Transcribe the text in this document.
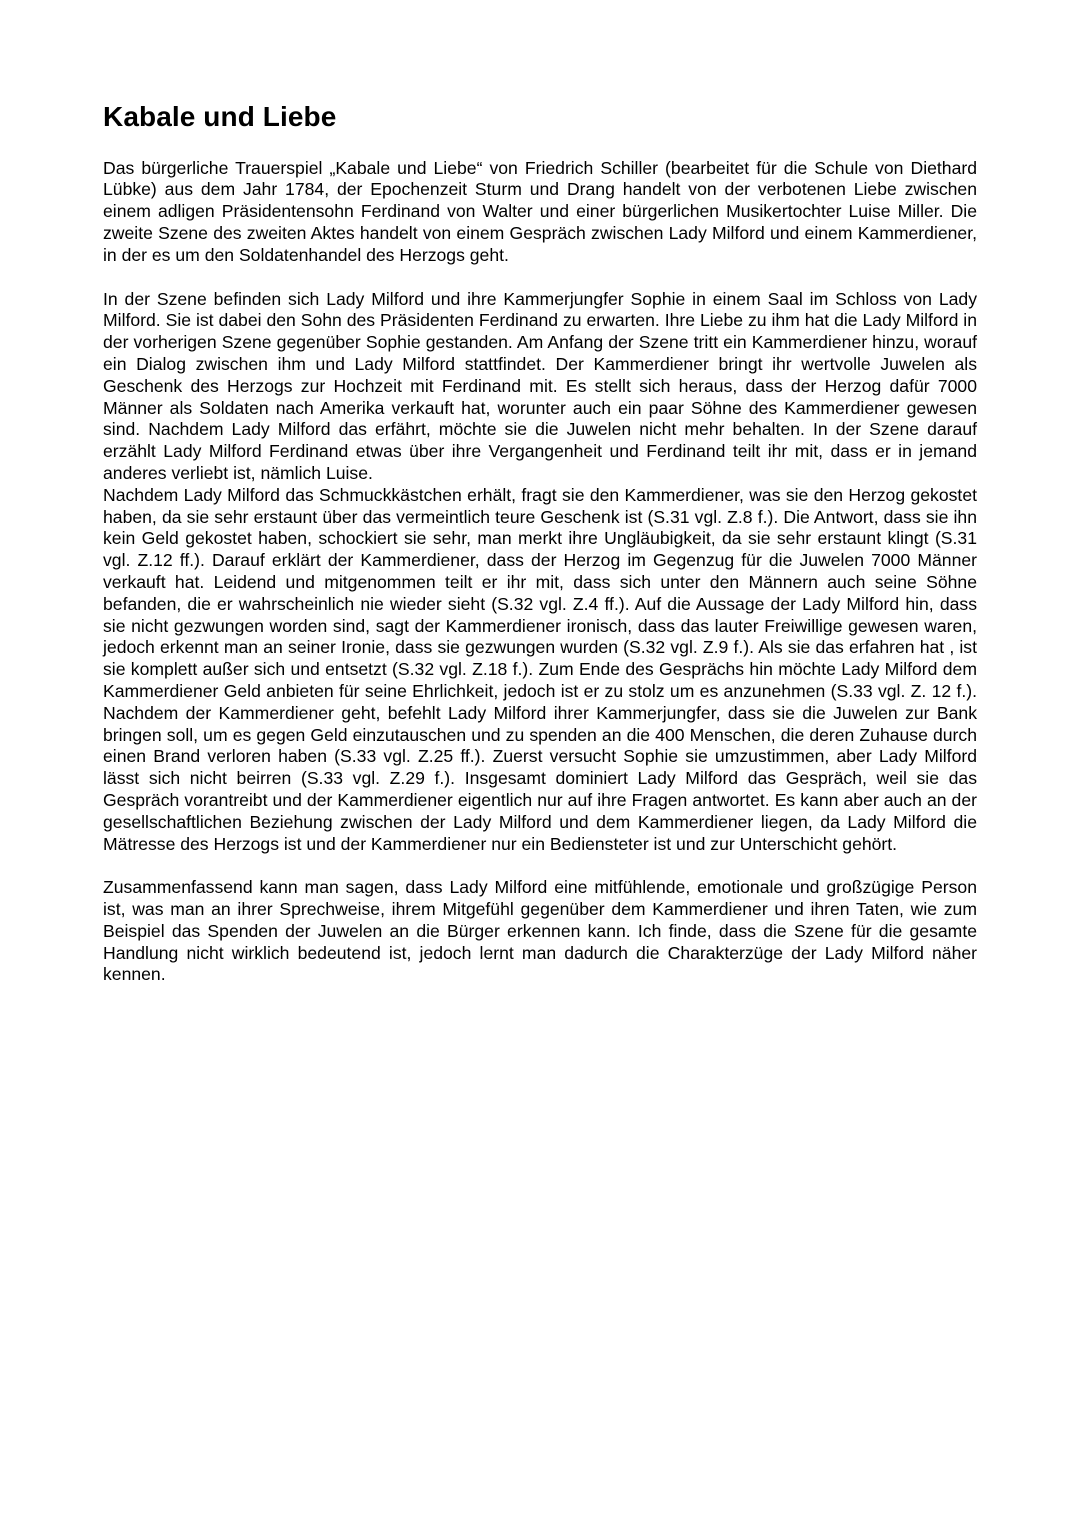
Kabale und Liebe

Das bürgerliche Trauerspiel „Kabale und Liebe“ von Friedrich Schiller (bearbeitet für die Schule von Diethard Lübke) aus dem Jahr 1784, der Epochenzeit Sturm und Drang handelt von der verbotenen Liebe zwischen einem adligen Präsidentensohn Ferdinand von Walter und einer bürgerlichen Musikertochter Luise Miller. Die zweite Szene des zweiten Aktes handelt von einem Gespräch zwischen Lady Milford und einem Kammerdiener, in der es um den Soldatenhandel des Herzogs geht.

In der Szene befinden sich Lady Milford und ihre Kammerjungfer Sophie in einem Saal im Schloss von Lady Milford. Sie ist dabei den Sohn des Präsidenten Ferdinand zu erwarten. Ihre Liebe zu ihm hat die Lady Milford in der vorherigen Szene gegenüber Sophie gestanden. Am Anfang der Szene tritt ein Kammerdiener hinzu, worauf ein Dialog zwischen ihm und Lady Milford stattfindet. Der Kammerdiener bringt ihr wertvolle Juwelen als Geschenk des Herzogs zur Hochzeit mit Ferdinand mit. Es stellt sich heraus, dass der Herzog dafür 7000 Männer als Soldaten nach Amerika verkauft hat, worunter auch ein paar Söhne des Kammerdiener gewesen sind. Nachdem Lady Milford das erfährt, möchte sie die Juwelen nicht mehr behalten. In der Szene darauf erzählt Lady Milford Ferdinand etwas über ihre Vergangenheit und Ferdinand teilt ihr mit, dass er in jemand anderes verliebt ist, nämlich Luise.

Nachdem Lady Milford das Schmuckkästchen erhält, fragt sie den Kammerdiener, was sie den Herzog gekostet haben, da sie sehr erstaunt über das vermeintlich teure Geschenk ist (S.31 vgl. Z.8 f.). Die Antwort, dass sie ihn kein Geld gekostet haben, schockiert sie sehr, man merkt ihre Ungläubigkeit, da sie sehr erstaunt klingt (S.31 vgl. Z.12 ff.). Darauf erklärt der Kammerdiener, dass der Herzog im Gegenzug für die Juwelen 7000 Männer verkauft hat. Leidend und mitgenommen teilt er ihr mit, dass sich unter den Männern auch seine Söhne befanden, die er wahrscheinlich nie wieder sieht (S.32 vgl. Z.4 ff.). Auf die Aussage der Lady Milford hin, dass sie nicht gezwungen worden sind, sagt der Kammerdiener ironisch, dass das lauter Freiwillige gewesen waren, jedoch erkennt man an seiner Ironie, dass sie gezwungen wurden (S.32 vgl. Z.9 f.). Als sie das erfahren hat , ist sie komplett außer sich und entsetzt (S.32 vgl. Z.18 f.). Zum Ende des Gesprächs hin möchte Lady Milford dem Kammerdiener Geld anbieten für seine Ehrlichkeit, jedoch ist er zu stolz um es anzunehmen (S.33 vgl. Z. 12 f.). Nachdem der Kammerdiener geht, befehlt Lady Milford ihrer Kammerjungfer, dass sie die Juwelen zur Bank bringen soll, um es gegen Geld einzutauschen und zu spenden an die 400 Menschen, die deren Zuhause durch einen Brand verloren haben (S.33 vgl. Z.25 ff.). Zuerst versucht Sophie sie umzustimmen, aber Lady Milford lässt sich nicht beirren (S.33 vgl. Z.29 f.). Insgesamt dominiert Lady Milford das Gespräch, weil sie das Gespräch vorantreibt und der Kammerdiener eigentlich nur auf ihre Fragen antwortet. Es kann aber auch an der gesellschaftlichen Beziehung zwischen der Lady Milford und dem Kammerdiener liegen, da Lady Milford die Mätresse des Herzogs ist und der Kammerdiener nur ein Bediensteter ist und zur Unterschicht gehört.

Zusammenfassend kann man sagen, dass Lady Milford eine mitfühlende, emotionale und großzügige Person ist, was man an ihrer Sprechweise, ihrem Mitgefühl gegenüber dem Kammerdiener und ihren Taten, wie zum Beispiel das Spenden der Juwelen an die Bürger erkennen kann. Ich finde, dass die Szene für die gesamte Handlung nicht wirklich bedeutend ist, jedoch lernt man dadurch die Charakterzüge der Lady Milford näher kennen.
